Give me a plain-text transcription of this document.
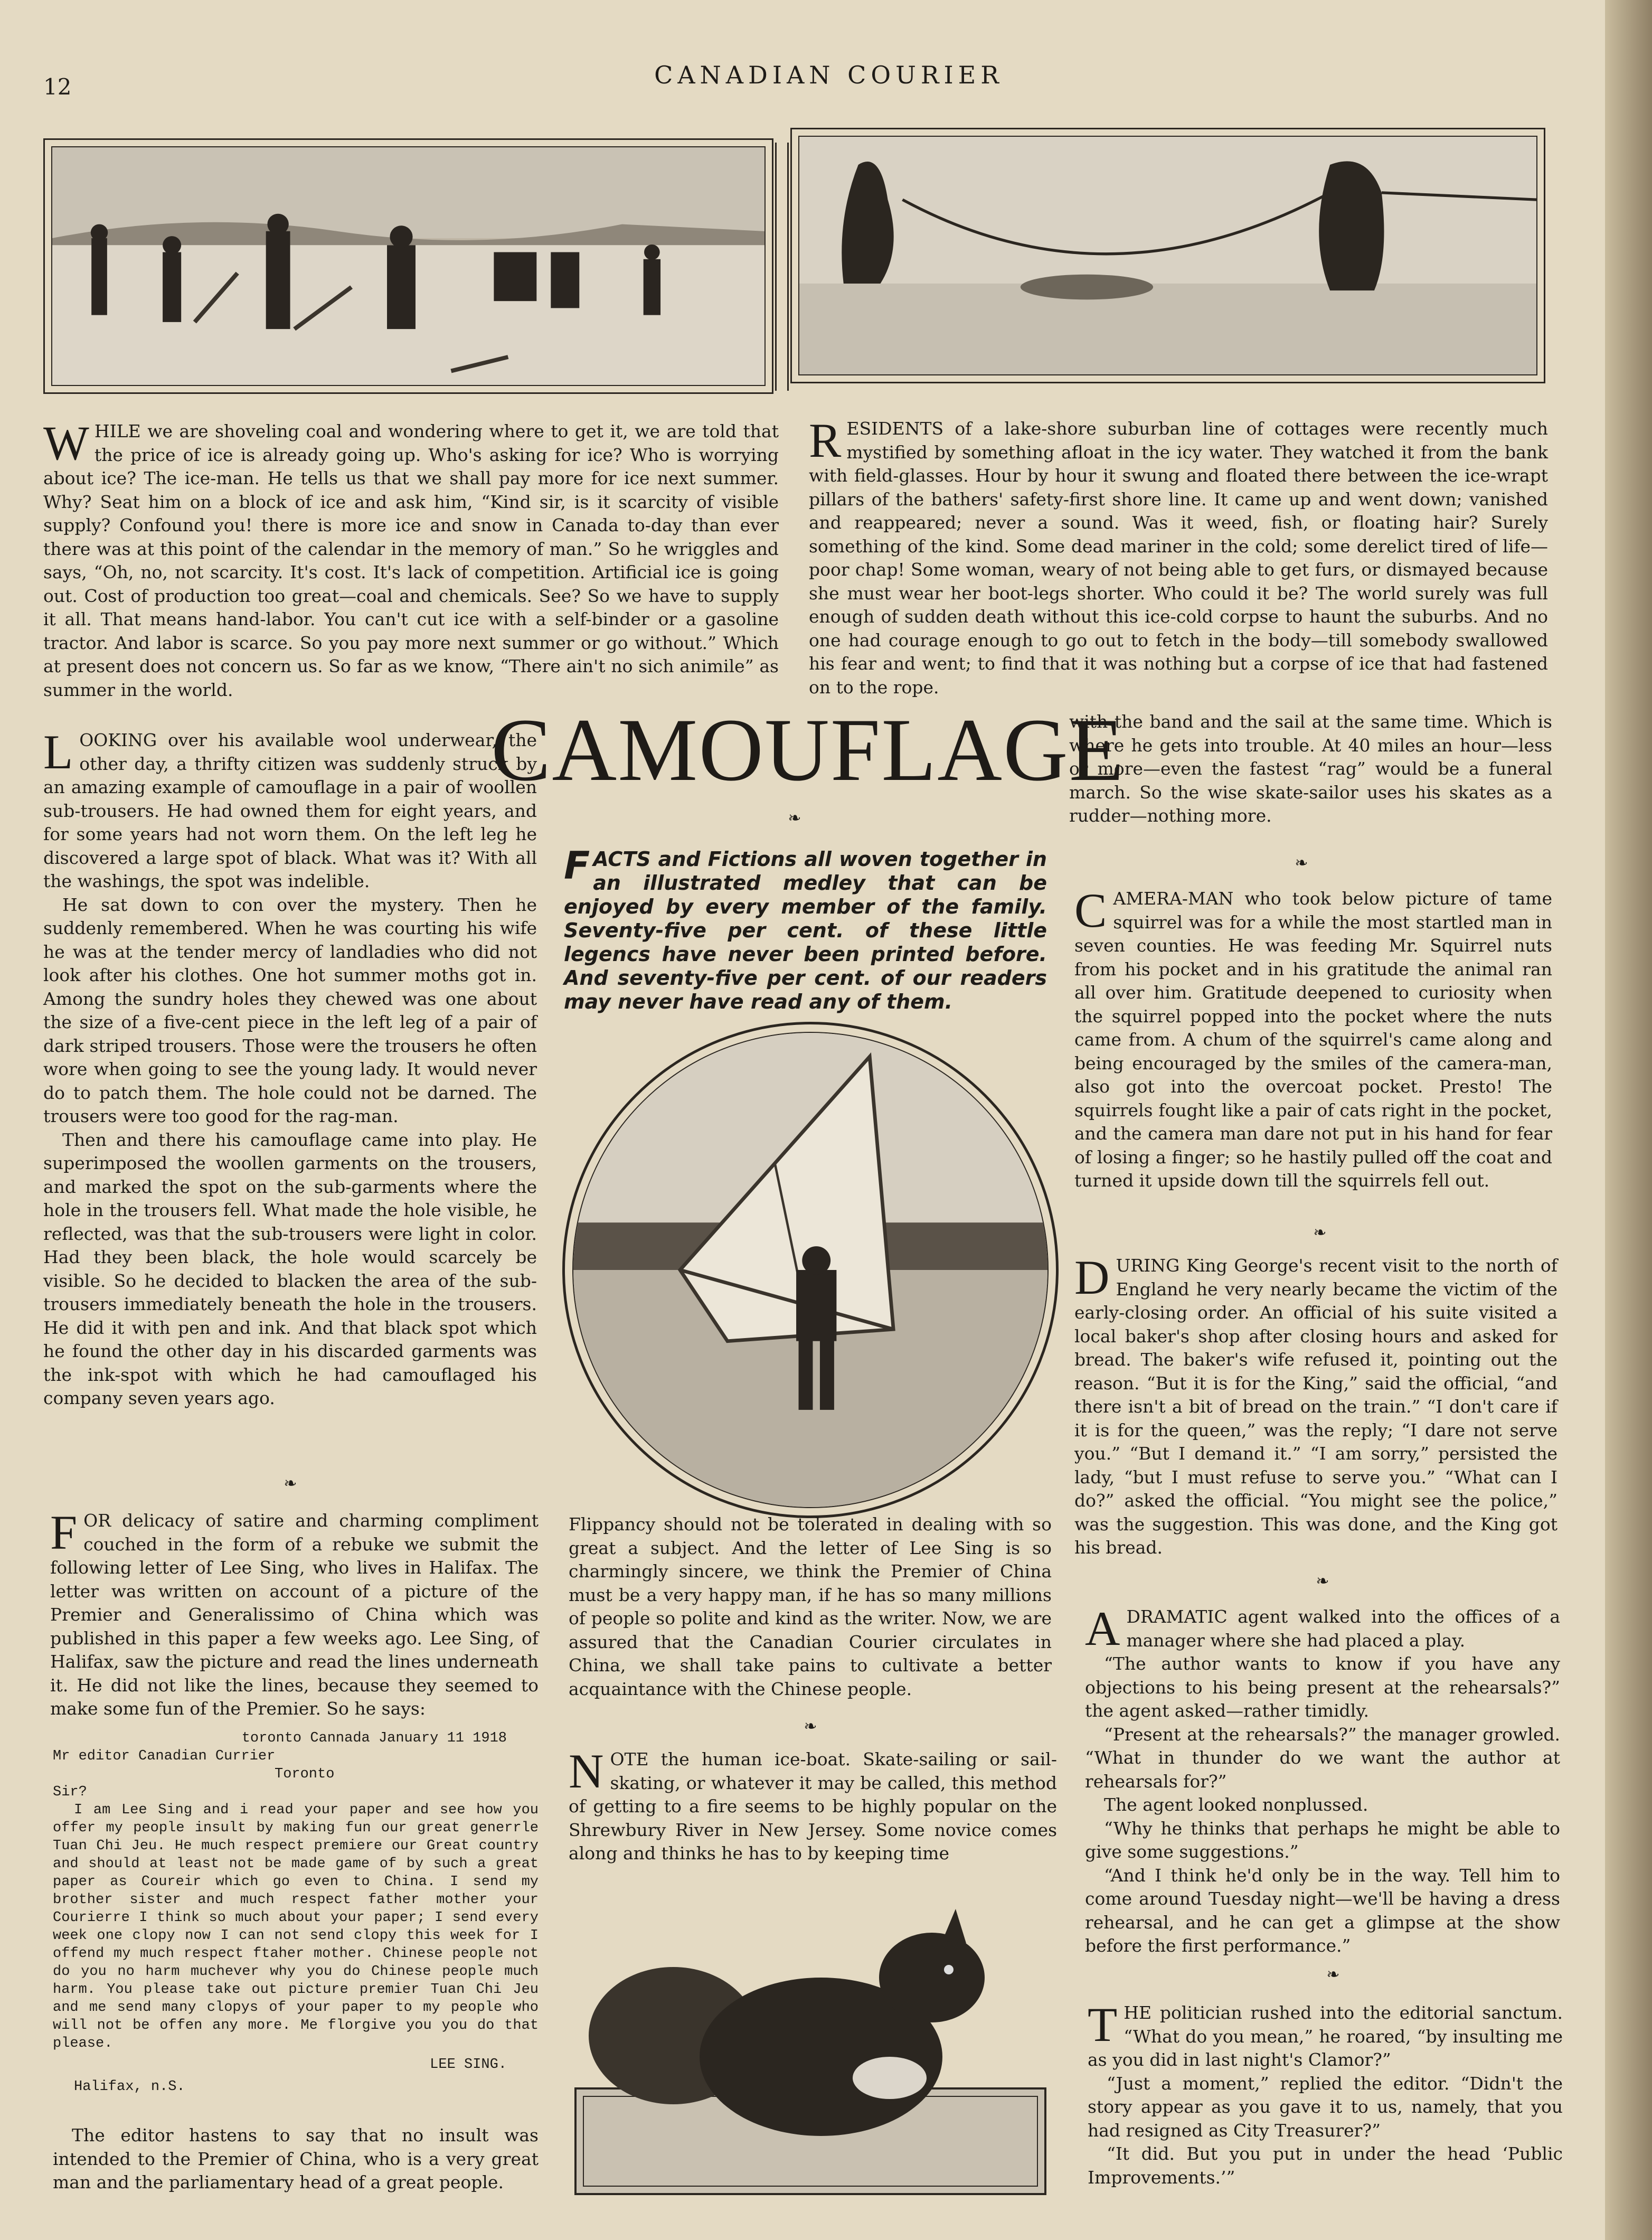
12	CANADIAN COURIER
WHILE we are shoveling coal and wondering where to get it, we are told that the price of ice is already going up. Who's asking for ice? Who is worrying about ice? The ice-man. He tells us that we shall pay more for ice next summer. Why? Seat him on a block of ice and ask him, “Kind sir, is it scarcity of visible supply? Confound you! there is more ice and snow in Canada to-day than ever there was at this point of the calendar in the memory of man.” So he wriggles and says, “Oh, no, not scarcity. It's cost. It's lack of competition. Artificial ice is going out. Cost of production too great—coal and chemicals. See? So we have to supply it all. That means hand-labor. You can't cut ice with a self-binder or a gasoline tractor. And labor is scarce. So you pay more next summer or go without.” Which at present does not concern us. So far as we know, “There ain't no sich animile” as summer in the world.
RESIDENTS of a lake-shore suburban line of cottages were recently much mystified by something afloat in the icy water. They watched it from the bank with field-glasses. Hour by hour it swung and floated there between the ice-wrapt pillars of the bathers' safety-first shore line. It came up and went down; vanished and reappeared; never a sound. Was it weed, fish, or floating hair? Surely something of the kind. Some dead mariner in the cold; some derelict tired of life—poor chap! Some woman, weary of not being able to get furs, or dismayed because she must wear her boot-legs shorter. Who could it be? The world surely was full enough of sudden death without this ice-cold corpse to haunt the suburbs. And no one had courage enough to go out to fetch in the body—till somebody swallowed his fear and went; to find that it was nothing but a corpse of ice that had fastened on to the rope.

LOOKING over his available wool underwear, the other day, a thrifty citizen was suddenly struck by an amazing example of camouflage in a pair of woollen sub-trousers. He had owned them for eight years, and for some years had not worn them. On the left leg he discovered a large spot of black. What was it? With all the washings, the spot was indelible.

He sat down to con over the mystery. Then he suddenly remembered. When he was courting his wife he was at the tender mercy of landladies who did not look after his clothes. One hot summer moths got in. Among the sundry holes they chewed was one about the size of a five-cent piece in the left leg of a pair of dark striped trousers. Those were the trousers he often wore when going to see the young lady. It would never do to patch them. The hole could not be darned. The trousers were too good for the rag-man.

Then and there his camouflage came into play. He superimposed the woollen garments on the trousers, and marked the spot on the sub-garments where the hole in the trousers fell. What made the hole visible, he reflected, was that the sub-trousers were light in color. Had they been black, the hole would scarcely be visible. So he decided to blacken the area of the sub-trousers immediately beneath the hole in the trousers. He did it with pen and ink. And that black spot which he found the other day in his discarded garments was the ink-spot with which he had camouflaged his company seven years ago.

❧
FOR delicacy of satire and charming compliment couched in the form of a rebuke we submit the following letter of Lee Sing, who lives in Halifax. The letter was written on account of a picture of the Premier and Generalissimo of China which was published in this paper a few weeks ago. Lee Sing, of Halifax, saw the picture and read the lines underneath it. He did not like the lines, because they seemed to make some fun of the Premier. So he says:
toronto Cannada January 11 1918
Mr editor Canadian Currier
Toronto
Sir?
I am Lee Sing and i read your paper and see how you offer my people insult by making fun our great generrle Tuan Chi Jeu. He much respect premiere our Great country and should at least not be made game of by such a great paper as Coureir which go even to China. I send my brother sister and much respect father mother your Courierre I think so much about your paper; I send every week one clopy now I can not send clopy this week for I offend my much respect ftaher mother. Chinese people not do you no harm muchever why you do Chinese people much harm. You please take out picture premier Tuan Chi Jeu and me send many clopys of your paper to my people who will not be offen any more. Me florgive you you do that please.
LEE SING.
Halifax, n.S.
The editor hastens to say that no insult was intended to the Premier of China, who is a very great man and the parliamentary head of a great people.
CAMOUFLAGE
❧
FACTS and Fictions all woven together in an illustrated medley that can be enjoyed by every member of the family. Seventy-five per cent. of these little legencs have never been printed before. And seventy-five per cent. of our readers may never have read any of them.
Flippancy should not be tolerated in dealing with so great a subject. And the letter of Lee Sing is so charmingly sincere, we think the Premier of China must be a very happy man, if he has so many millions of people so polite and kind as the writer. Now, we are assured that the Canadian Courier circulates in China, we shall take pains to cultivate a better acquaintance with the Chinese people.
❧
NOTE the human ice-boat. Skate-sailing or sail-skating, or whatever it may be called, this method of getting to a fire seems to be highly popular on the Shrewbury River in New Jersey. Some novice comes along and thinks he has to by keeping time
with the band and the sail at the same time. Which is where he gets into trouble. At 40 miles an hour—less or more—even the fastest “rag” would be a funeral march. So the wise skate-sailor uses his skates as a rudder—nothing more.
❧
CAMERA-MAN who took below picture of tame squirrel was for a while the most startled man in seven counties. He was feeding Mr. Squirrel nuts from his pocket and in his gratitude the animal ran all over him. Gratitude deepened to curiosity when the squirrel popped into the pocket where the nuts came from. A chum of the squirrel's came along and being encouraged by the smiles of the camera-man, also got into the overcoat pocket. Presto! The squirrels fought like a pair of cats right in the pocket, and the camera man dare not put in his hand for fear of losing a finger; so he hastily pulled off the coat and turned it upside down till the squirrels fell out.
❧
DURING King George's recent visit to the north of England he very nearly became the victim of the early-closing order. An official of his suite visited a local baker's shop after closing hours and asked for bread. The baker's wife refused it, pointing out the reason. “But it is for the King,” said the official, “and there isn't a bit of bread on the train.” “I don't care if it is for the queen,” was the reply; “I dare not serve you.” “But I demand it.” “I am sorry,” persisted the lady, “but I must refuse to serve you.” “What can I do?” asked the official. “You might see the police,” was the suggestion. This was done, and the King got his bread.
❧

ADRAMATIC agent walked into the offices of a manager where she had placed a play.

“The author wants to know if you have any objections to his being present at the rehearsals?” the agent asked—rather timidly.

“Present at the rehearsals?” the manager growled. “What in thunder do we want the author at rehearsals for?”

The agent looked nonplussed.

“Why he thinks that perhaps he might be able to give some suggestions.”

“And I think he'd only be in the way. Tell him to come around Tuesday night—we'll be having a dress rehearsal, and he can get a glimpse at the show before the first performance.”

❧

THE politician rushed into the editorial sanctum. “What do you mean,” he roared, “by insulting me as you did in last night's Clamor?”

“Just a moment,” replied the editor. “Didn't the story appear as you gave it to us, namely, that you had resigned as City Treasurer?”

“It did. But you put in under the head ‘Public Improvements.’”
